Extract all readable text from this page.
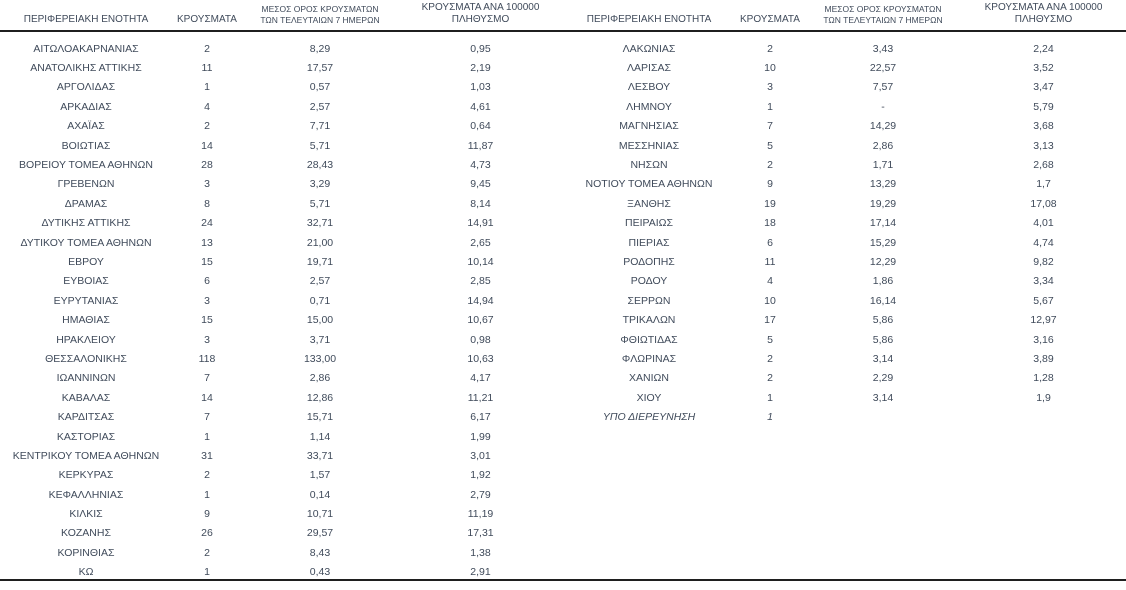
ΠΕΡΙΦΕΡΕΙΑΚΗ ΕΝΟΤΗΤΑ	ΚΡΟΥΣΜΑΤΑ	ΜΕΣΟΣ ΟΡΟΣ ΚΡΟΥΣΜΑΤΩΝ ΤΩΝ ΤΕΛΕΥΤΑΙΩΝ 7 ΗΜΕΡΩΝ	ΚΡΟΥΣΜΑΤΑ ΑΝΑ 100000 ΠΛΗΘΥΣΜΟ
ΑΙΤΩΛΟΑΚΑΡΝΑΝΙΑΣ	2	8,29	0,95
ΑΝΑΤΟΛΙΚΗΣ ΑΤΤΙΚΗΣ	11	17,57	2,19
ΑΡΓΟΛΙΔΑΣ	1	0,57	1,03
ΑΡΚΑΔΙΑΣ	4	2,57	4,61
ΑΧΑΪΑΣ	2	7,71	0,64
ΒΟΙΩΤΙΑΣ	14	5,71	11,87
ΒΟΡΕΙΟΥ ΤΟΜΕΑ ΑΘΗΝΩΝ	28	28,43	4,73
ΓΡΕΒΕΝΩΝ	3	3,29	9,45
ΔΡΑΜΑΣ	8	5,71	8,14
ΔΥΤΙΚΗΣ ΑΤΤΙΚΗΣ	24	32,71	14,91
ΔΥΤΙΚΟΥ ΤΟΜΕΑ ΑΘΗΝΩΝ	13	21,00	2,65
ΕΒΡΟΥ	15	19,71	10,14
ΕΥΒΟΙΑΣ	6	2,57	2,85
ΕΥΡΥΤΑΝΙΑΣ	3	0,71	14,94
ΗΜΑΘΙΑΣ	15	15,00	10,67
ΗΡΑΚΛΕΙΟΥ	3	3,71	0,98
ΘΕΣΣΑΛΟΝΙΚΗΣ	118	133,00	10,63
ΙΩΑΝΝΙΝΩΝ	7	2,86	4,17
ΚΑΒΑΛΑΣ	14	12,86	11,21
ΚΑΡΔΙΤΣΑΣ	7	15,71	6,17
ΚΑΣΤΟΡΙΑΣ	1	1,14	1,99
ΚΕΝΤΡΙΚΟΥ ΤΟΜΕΑ ΑΘΗΝΩΝ	31	33,71	3,01
ΚΕΡΚΥΡΑΣ	2	1,57	1,92
ΚΕΦΑΛΛΗΝΙΑΣ	1	0,14	2,79
ΚΙΛΚΙΣ	9	10,71	11,19
ΚΟΖΑΝΗΣ	26	29,57	17,31
ΚΟΡΙΝΘΙΑΣ	2	8,43	1,38
ΚΩ	1	0,43	2,91
ΠΕΡΙΦΕΡΕΙΑΚΗ ΕΝΟΤΗΤΑ	ΚΡΟΥΣΜΑΤΑ	ΜΕΣΟΣ ΟΡΟΣ ΚΡΟΥΣΜΑΤΩΝ ΤΩΝ ΤΕΛΕΥΤΑΙΩΝ 7 ΗΜΕΡΩΝ	ΚΡΟΥΣΜΑΤΑ ΑΝΑ 100000 ΠΛΗΘΥΣΜΟ
ΛΑΚΩΝΙΑΣ	2	3,43	2,24
ΛΑΡΙΣΑΣ	10	22,57	3,52
ΛΕΣΒΟΥ	3	7,57	3,47
ΛΗΜΝΟΥ	1	-	5,79
ΜΑΓΝΗΣΙΑΣ	7	14,29	3,68
ΜΕΣΣΗΝΙΑΣ	5	2,86	3,13
ΝΗΣΩΝ	2	1,71	2,68
ΝΟΤΙΟΥ ΤΟΜΕΑ ΑΘΗΝΩΝ	9	13,29	1,7
ΞΑΝΘΗΣ	19	19,29	17,08
ΠΕΙΡΑΙΩΣ	18	17,14	4,01
ΠΙΕΡΙΑΣ	6	15,29	4,74
ΡΟΔΟΠΗΣ	11	12,29	9,82
ΡΟΔΟΥ	4	1,86	3,34
ΣΕΡΡΩΝ	10	16,14	5,67
ΤΡΙΚΑΛΩΝ	17	5,86	12,97
ΦΘΙΩΤΙΔΑΣ	5	5,86	3,16
ΦΛΩΡΙΝΑΣ	2	3,14	3,89
ΧΑΝΙΩΝ	2	2,29	1,28
ΧΙΟΥ	1	3,14	1,9
ΥΠΟ ΔΙΕΡΕΥΝΗΣΗ	1		
